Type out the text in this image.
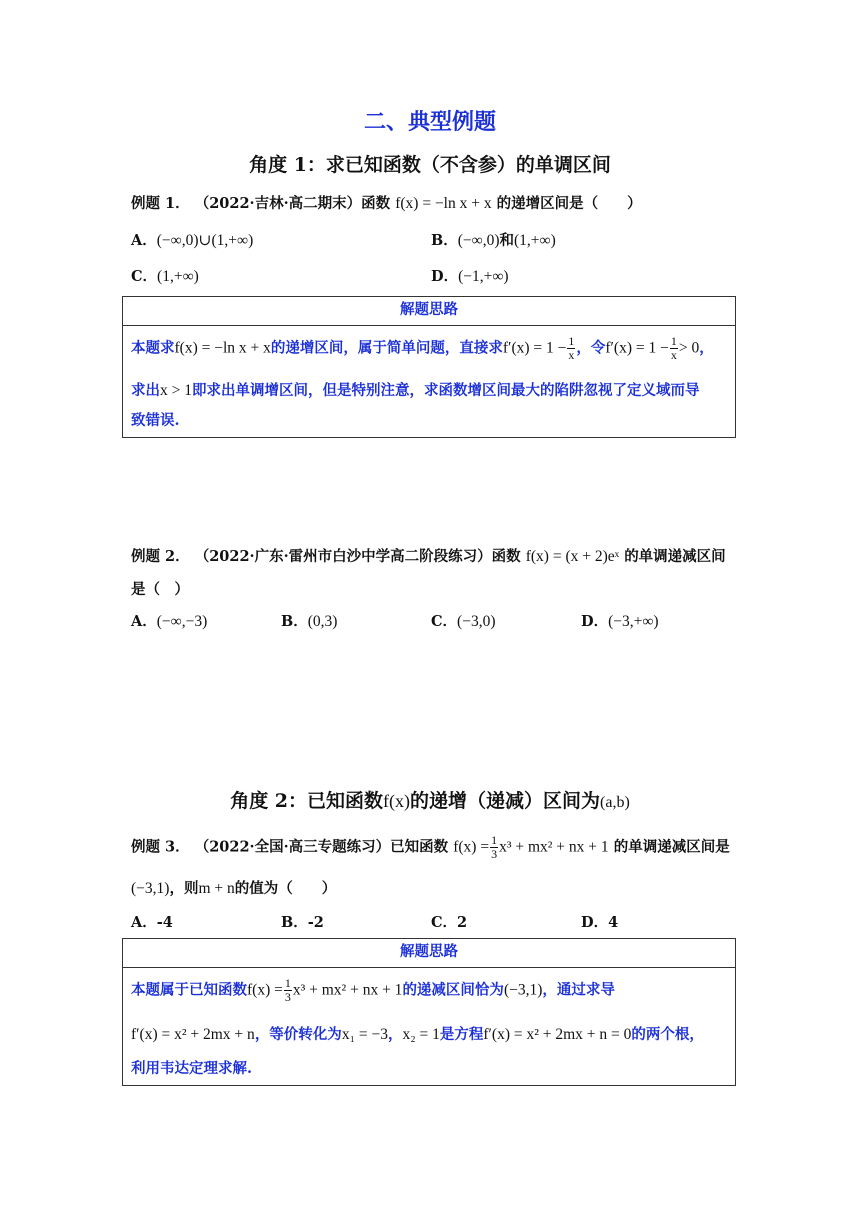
二、典型例题
角度 1：求已知函数（不含参）的单调区间
例题 1． （2022·吉林·高二期末）函数 f(x) = −ln x + x 的递增区间是（　　）
A．(−∞,0)∪(1,+∞)	B．(−∞,0)和(1,+∞)
C．(1,+∞)	D．(−1,+∞)
解题思路
本题求f(x) = −ln x + x的递增区间，属于简单问题，直接求$f'(x) = 1 - \frac{1}{x}$ ，令$f'(x) = 1 - \frac{1}{x} > 0$，
求出x > 1即求出单调增区间，但是特别注意，求函数增区间最大的陷阱忽视了定义域而导
致错误.
例题 2． （2022·广东·雷州市白沙中学高二阶段练习）函数 f(x) = (x + 2)eˣ 的单调递减区间
是（　）
A．(−∞,−3)	B．(0,3)	C．(−3,0)	D．(−3,+∞)
角度 2：已知函数f(x)的递增（递减）区间为(a,b)
例题 3． （2022·全国·高三专题练习）已知函数 $f(x) = \frac{1}{3} x^3 + mx^2$ + nx + 1 的单调递减区间是
(−3,1)，则m + n的值为（　　）
A．-4	B．-2	C．2	D．4
解题思路
本题属于已知函数$f(x) = \frac{1}{3} x^3 + mx^2$ + nx + 1的递减区间恰为(−3,1)，通过求导
f′(x) = x² + 2mx + n，等价转化为x₁ = −3，x₂ = 1是方程f′(x) = x² + 2mx + n = 0的两个根，
利用韦达定理求解.
